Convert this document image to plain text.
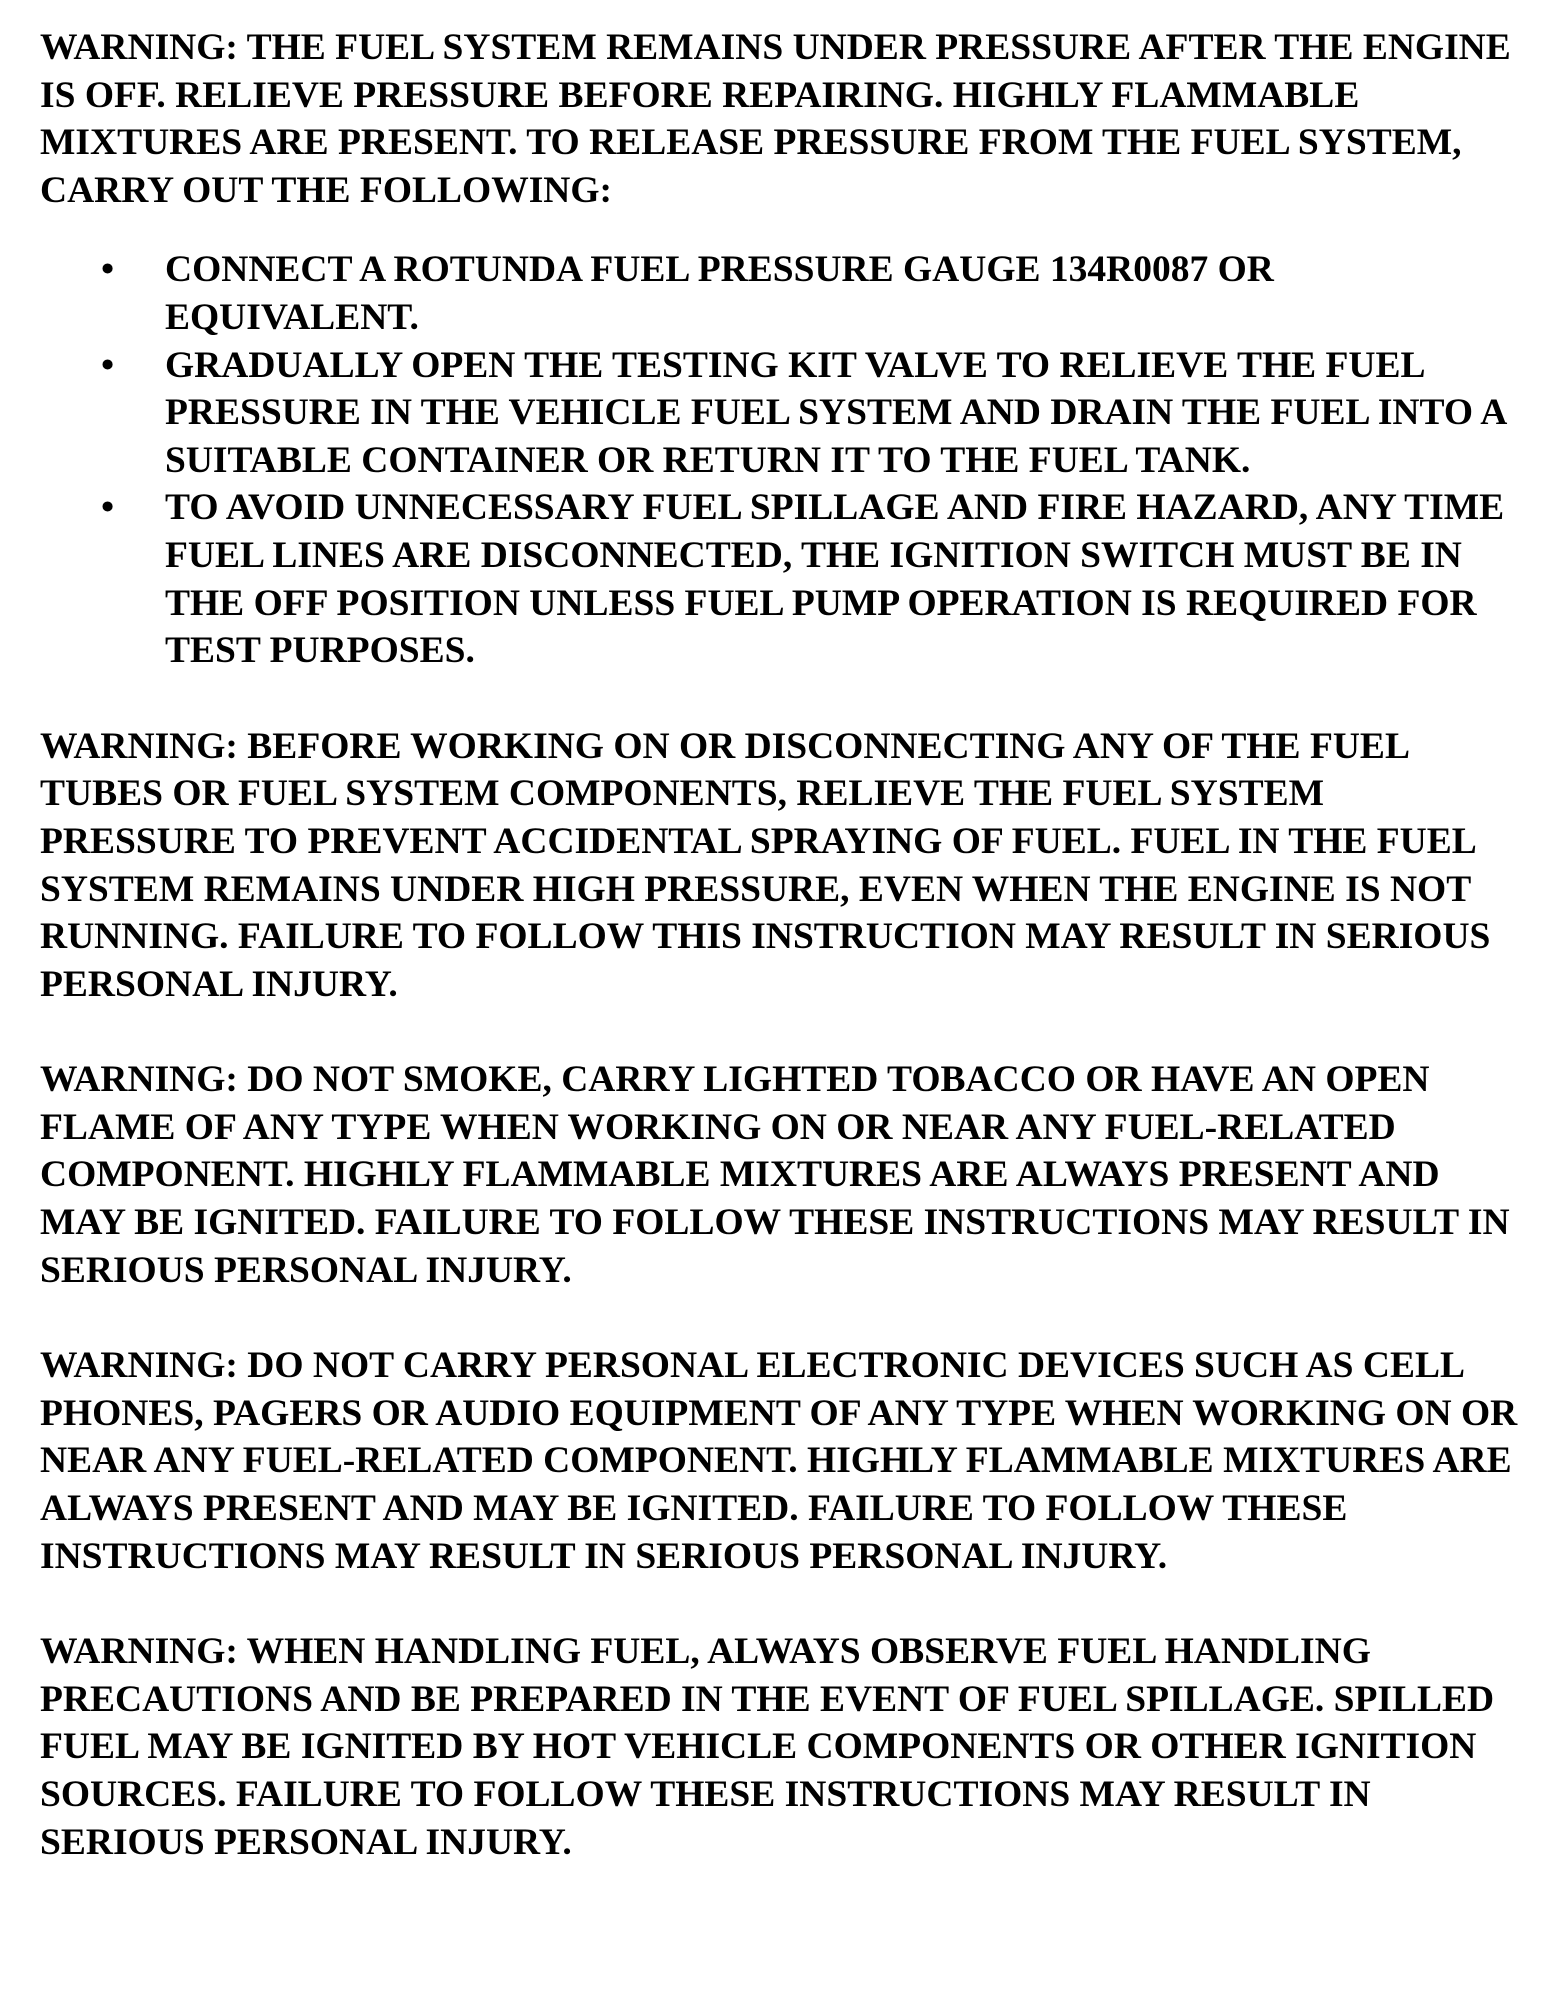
WARNING: THE FUEL SYSTEM REMAINS UNDER PRESSURE AFTER THE ENGINE IS OFF. RELIEVE PRESSURE BEFORE REPAIRING. HIGHLY FLAMMABLE MIXTURES ARE PRESENT. TO RELEASE PRESSURE FROM THE FUEL SYSTEM, CARRY OUT THE FOLLOWING:

• CONNECT A ROTUNDA FUEL PRESSURE GAUGE 134R0087 OR EQUIVALENT.
• GRADUALLY OPEN THE TESTING KIT VALVE TO RELIEVE THE FUEL PRESSURE IN THE VEHICLE FUEL SYSTEM AND DRAIN THE FUEL INTO A SUITABLE CONTAINER OR RETURN IT TO THE FUEL TANK.
• TO AVOID UNNECESSARY FUEL SPILLAGE AND FIRE HAZARD, ANY TIME FUEL LINES ARE DISCONNECTED, THE IGNITION SWITCH MUST BE IN THE OFF POSITION UNLESS FUEL PUMP OPERATION IS REQUIRED FOR TEST PURPOSES.

WARNING: BEFORE WORKING ON OR DISCONNECTING ANY OF THE FUEL TUBES OR FUEL SYSTEM COMPONENTS, RELIEVE THE FUEL SYSTEM PRESSURE TO PREVENT ACCIDENTAL SPRAYING OF FUEL. FUEL IN THE FUEL SYSTEM REMAINS UNDER HIGH PRESSURE, EVEN WHEN THE ENGINE IS NOT RUNNING. FAILURE TO FOLLOW THIS INSTRUCTION MAY RESULT IN SERIOUS PERSONAL INJURY.

WARNING: DO NOT SMOKE, CARRY LIGHTED TOBACCO OR HAVE AN OPEN FLAME OF ANY TYPE WHEN WORKING ON OR NEAR ANY FUEL-RELATED COMPONENT. HIGHLY FLAMMABLE MIXTURES ARE ALWAYS PRESENT AND MAY BE IGNITED. FAILURE TO FOLLOW THESE INSTRUCTIONS MAY RESULT IN SERIOUS PERSONAL INJURY.

WARNING: DO NOT CARRY PERSONAL ELECTRONIC DEVICES SUCH AS CELL PHONES, PAGERS OR AUDIO EQUIPMENT OF ANY TYPE WHEN WORKING ON OR NEAR ANY FUEL-RELATED COMPONENT. HIGHLY FLAMMABLE MIXTURES ARE ALWAYS PRESENT AND MAY BE IGNITED. FAILURE TO FOLLOW THESE INSTRUCTIONS MAY RESULT IN SERIOUS PERSONAL INJURY.

WARNING: WHEN HANDLING FUEL, ALWAYS OBSERVE FUEL HANDLING PRECAUTIONS AND BE PREPARED IN THE EVENT OF FUEL SPILLAGE. SPILLED FUEL MAY BE IGNITED BY HOT VEHICLE COMPONENTS OR OTHER IGNITION SOURCES. FAILURE TO FOLLOW THESE INSTRUCTIONS MAY RESULT IN SERIOUS PERSONAL INJURY.
